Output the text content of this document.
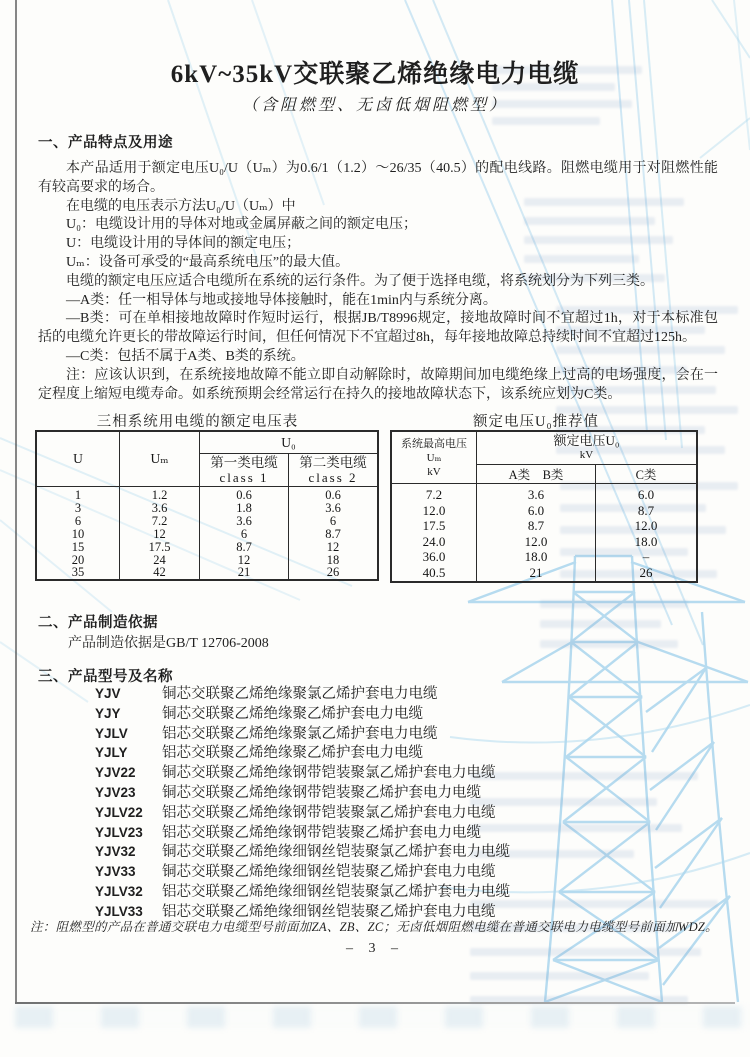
6kV~35kV交联聚乙烯绝缘电力电缆
（含阻燃型、无卤低烟阻燃型）
一、产品特点及用途

本产品适用于额定电压U₀/U（Uₘ）为0.6/1（1.2）～26/35（40.5）的配电线路。阻燃电缆用于对阻燃性能有较高要求的场合。

在电缆的电压表示方法U₀/U（Uₘ）中

U₀：电缆设计用的导体对地或金属屏蔽之间的额定电压；

U：电缆设计用的导体间的额定电压；

Uₘ：设备可承受的“最高系统电压”的最大值。

电缆的额定电压应适合电缆所在系统的运行条件。为了便于选择电缆，将系统划分为下列三类。

—A类：任一相导体与地或接地导体接触时，能在1min内与系统分离。

—B类：可在单相接地故障时作短时运行，根据JB/T8996规定，接地故障时间不宜超过1h，对于本标准包括的电缆允许更长的带故障运行时间，但任何情况下不宜超过8h，每年接地故障总持续时间不宜超过125h。

—C类：包括不属于A类、B类的系统。

注：应该认识到，在系统接地故障不能立即自动解除时，故障期间加电缆绝缘上过高的电场强度，会在一定程度上缩短电缆寿命。如系统预期会经常运行在持久的接地故障状态下，该系统应划为C类。

三相系统用电缆的额定电压表	额定电压U₀推荐值
U	Uₘ	U₀	
		第一类电缆
class 1	第二类电缆
class 2

1	1.2	0.6	0.6
3	3.6	1.8	3.6
6	7.2	3.6	6
10	12	6	8.7
15	17.5	8.7	12
20	24	12	18
35	42	21	26
系统最高电压Uₘ
kV	额定电压U₀
kV	

	A类　B类	C类
7.2	3.6	6.0
12.0	6.0	8.7
17.5	8.7	12.0
24.0	12.0	18.0
36.0	18.0	–
40.5	21	26
二、产品制造依据
产品制造依据是GB/T 12706-2008
三、产品型号及名称
YJV	铜芯交联聚乙烯绝缘聚氯乙烯护套电力电缆
YJY	铜芯交联聚乙烯绝缘聚乙烯护套电力电缆
YJLV 铝芯交联聚乙烯绝缘聚氯乙烯护套电力电缆
YJLY 铝芯交联聚乙烯绝缘聚乙烯护套电力电缆
YJV22 铜芯交联聚乙烯绝缘钢带铠装聚氯乙烯护套电力电缆
YJV23 铜芯交联聚乙烯绝缘钢带铠装聚乙烯护套电力电缆
YJLV22 铝芯交联聚乙烯绝缘钢带铠装聚氯乙烯护套电力电缆
YJLV23 铝芯交联聚乙烯绝缘钢带铠装聚乙烯护套电力电缆
YJV32 铜芯交联聚乙烯绝缘细钢丝铠装聚氯乙烯护套电力电缆
YJV33 铜芯交联聚乙烯绝缘细钢丝铠装聚乙烯护套电力电缆
YJLV32 铝芯交联聚乙烯绝缘细钢丝铠装聚氯乙烯护套电力电缆
YJLV33 铝芯交联聚乙烯绝缘细钢丝铠装聚乙烯护套电力电缆
注：阻燃型的产品在普通交联电力电缆型号前面加ZA、ZB、ZC；无卤低烟阻燃电缆在普通交联电力电缆型号前面加WDZ。
– 3 –
